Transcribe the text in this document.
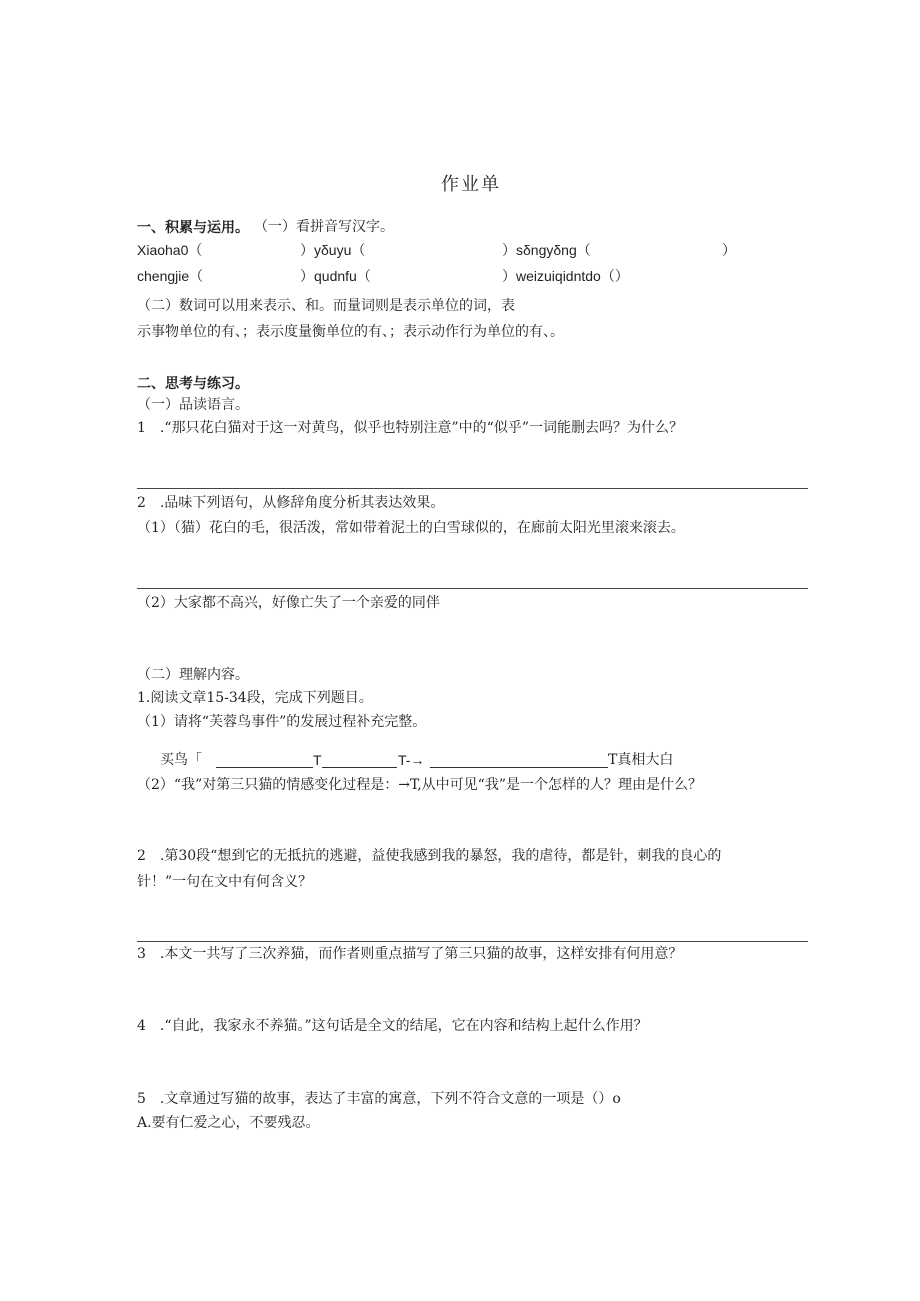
作业单
一、积累与运用。 （一）看拼音写汉字。
Xiaoha0（	）yδuyu（	）sδngyδng（	）
chengjie（	）qudnfu（	）weizuiqidntdo（）
（二）数词可以用来表示、和。而量词则是表示单位的词，表
示事物单位的有、；表示度量衡单位的有、；表示动作行为单位的有、。
二、思考与练习。
（一）品读语言。
1　.“那只花白猫对于这一对黄鸟，似乎也特别注意”中的“似乎”一词能删去吗？为什么？
2　.品味下列语句，从修辞角度分析其表达效果。
（1）（猫）花白的毛，很活泼，常如带着泥土的白雪球似的，在廊前太阳光里滚来滚去。
（2）大家都不高兴，好像亡失了一个亲爱的同伴
（二）理解内容。
1.阅读文章15-34段，完成下列题目。
（1）请将“芙蓉鸟事件”的发展过程补充完整。
买鸟「	T	T-→	T真相大白
（2）“我”对第三只猫的情感变化过程是：→T,从中可见“我”是一个怎样的人？理由是什么？
2　.第30段“想到它的无抵抗的逃避，益使我感到我的暴怒，我的虐待，都是针，刺我的良心的
针！”一句在文中有何含义？
3　.本文一共写了三次养猫，而作者则重点描写了第三只猫的故事，这样安排有何用意？
4　.“自此，我家永不养猫。”这句话是全文的结尾，它在内容和结构上起什么作用？
5　.文章通过写猫的故事，表达了丰富的寓意，下列不符合文意的一项是（）o
A.要有仁爱之心，不要残忍。
